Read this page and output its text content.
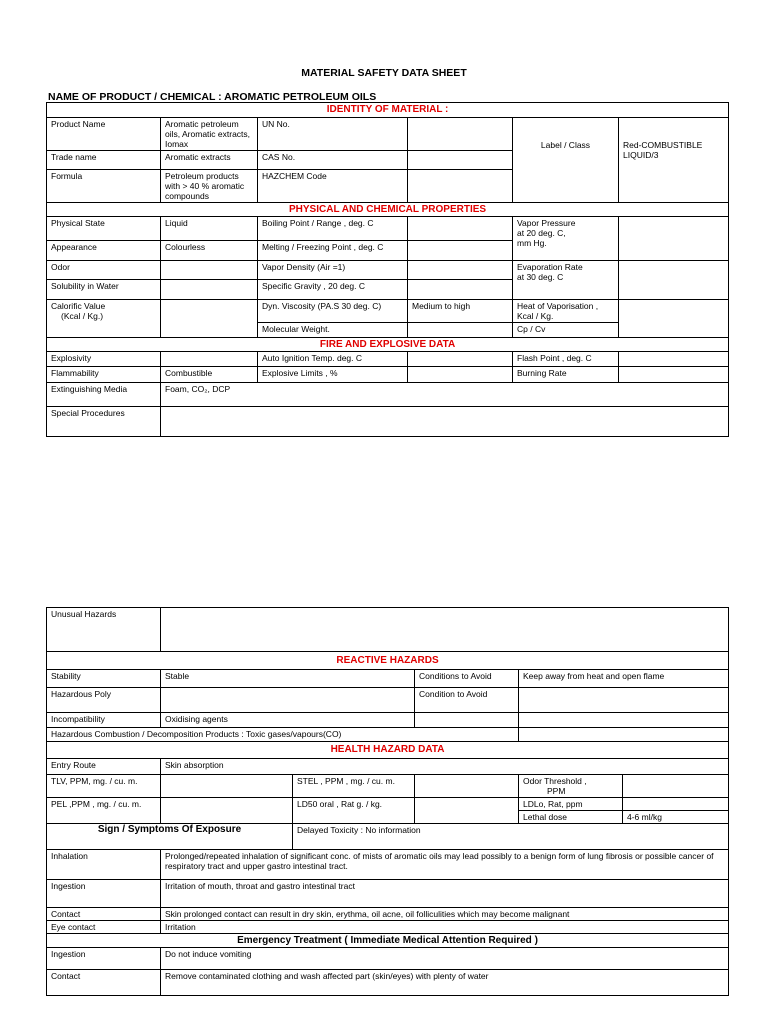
MATERIAL SAFETY DATA SHEET
NAME OF PRODUCT / CHEMICAL : AROMATIC PETROLEUM OILS
IDENTITY OF MATERIAL :					
Product Name	Aromatic petroleum oils, Aromatic extracts, Iomax	UN No.		Label / Class	Red-COMBUSTIBLE LIQUID/3
Trade name	Aromatic extracts	CAS No.			
Formula	Petroleum products with > 40 % aromatic compounds	HAZCHEM Code			
PHYSICAL AND CHEMICAL PROPERTIES					
Physical State	Liquid	Boiling Point / Range , deg. C		Vapor Pressure
at 20 deg. C,
mm Hg.	
Appearance	Colourless	Melting / Freezing Point , deg. C			
Odor		Vapor Density (Air =1)		Evaporation Rate
at 30 deg. C	
Solubility in Water		Specific Gravity , 20 deg. C			
Calorific Value

(Kcal / Kg.)		Dyn. Viscosity (PA.S 30 deg. C)	Medium to high	Heat of Vaporisation ,
Kcal / Kg.	
		Molecular Weight.		Cp / Cv	
FIRE AND EXPLOSIVE DATA					
Explosivity		Auto Ignition Temp. deg. C		Flash Point , deg. C	
Flammability	Combustible	Explosive Limits , %		Burning Rate	
Extinguishing Media	Foam, CO₂, DCP				
Special Procedures					
Unusual Hazards					
REACTIVE HAZARDS					
Stability	Stable		Conditions to Avoid	Keep away from heat and open flame	
Hazardous Poly			Condition to Avoid		
Incompatibility	Oxidising agents				
Hazardous Combustion / Decomposition Products : Toxic gases/vapours(CO)					
HEALTH HAZARD DATA					
Entry Route	Skin absorption				
TLV, PPM, mg. / cu. m.		STEL , PPM , mg. / cu. m.		Odor Threshold ,

PPM	

PEL ,PPM , mg. / cu. m.		LD50 oral , Rat g. / kg.		LDLo, Rat, ppm	
				Lethal dose	4-6 ml/kg
Sign / Symptoms Of Exposure		Delayed Toxicity : No information			
Inhalation	Prolonged/repeated inhalation of significant conc. of mists of aromatic oils may lead possibly to a benign form of lung fibrosis or possible cancer of respiratory tract and upper gastro intestinal tract.				
Ingestion	Irritation of mouth, throat and gastro intestinal tract				
Contact	Skin prolonged contact can result in dry skin, erythma, oil acne, oil folliculities which may become malignant				
Eye contact	Irritation				
Emergency Treatment ( Immediate Medical Attention Required )					
Ingestion	Do not induce vomiting				
Contact	Remove contaminated clothing and wash affected part (skin/eyes) with plenty of water				
